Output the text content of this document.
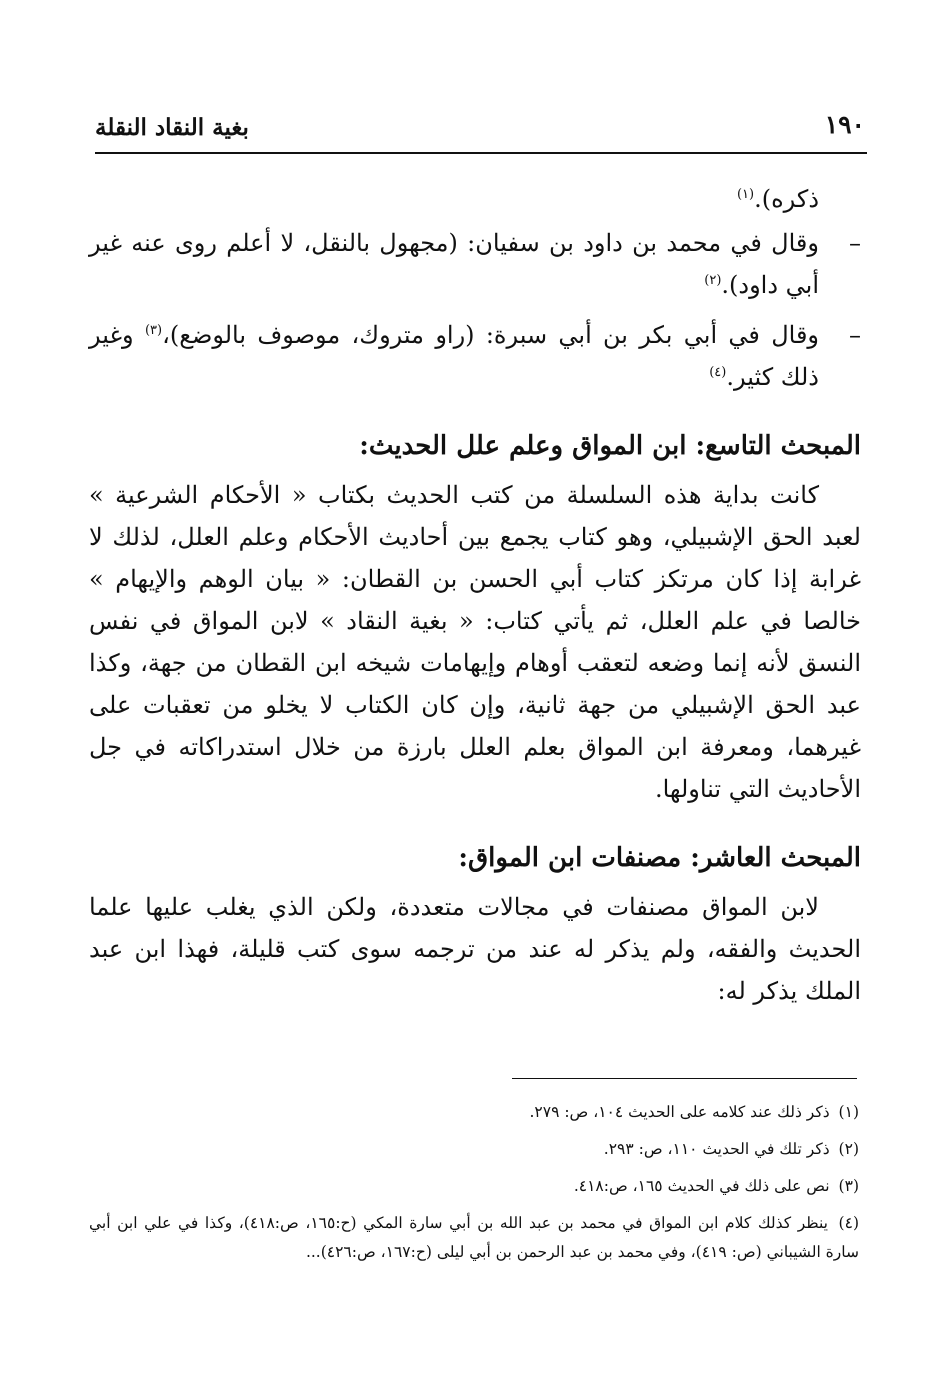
١٩٠
بغية النقاد النقلة

ذكره).$^{(١)}$

–
وقال في محمد بن داود بن سفيان: (مجهول بالنقل، لا أعلم روى عنه غير أبي داود).$^{(٢)}$
–
وقال في أبي بكر بن أبي سبرة: (راو متروك، موصوف بالوضع)،$^{(٣)}$ وغير ذلك كثير.$^{(٤)}$
المبحث التاسع: ابن المواق وعلم علل الحديث:

كانت بداية هذه السلسلة من كتب الحديث بكتاب « الأحكام الشرعية » لعبد الحق الإشبيلي، وهو كتاب يجمع بين أحاديث الأحكام وعلم العلل، لذلك لا غرابة إذا كان مرتكز كتاب أبي الحسن بن القطان: « بيان الوهم والإيهام » خالصا في علم العلل، ثم يأتي كتاب: « بغية النقاد » لابن المواق في نفس النسق لأنه إنما وضعه لتعقب أوهام وإيهامات شيخه ابن القطان من جهة، وكذا عبد الحق الإشبيلي من جهة ثانية، وإن كان الكتاب لا يخلو من تعقبات على غيرهما، ومعرفة ابن المواق بعلم العلل بارزة من خلال استدراكاته في جل الأحاديث التي تناولها.

المبحث العاشر: مصنفات ابن المواق:

لابن المواق مصنفات في مجالات متعددة، ولكن الذي يغلب عليها علما الحديث والفقه، ولم يذكر له عند من ترجمه سوى كتب قليلة، فهذا ابن عبد الملك يذكر له:

(١) ذكر ذلك عند كلامه على الحديث ١٠٤، ص: ٢٧٩.
(٢) ذكر تلك في الحديث ١١٠، ص: ٢٩٣.
(٣) نص على ذلك في الحديث ١٦٥، ص:٤١٨.
(٤) ينظر كذلك كلام ابن المواق في محمد بن عبد الله بن أبي سارة المكي (ح:١٦٥، ص:٤١٨)، وكذا في علي ابن أبي سارة الشيباني (ص: ٤١٩)، وفي محمد بن عبد الرحمن بن أبي ليلى (ح:١٦٧، ص:٤٢٦)...
